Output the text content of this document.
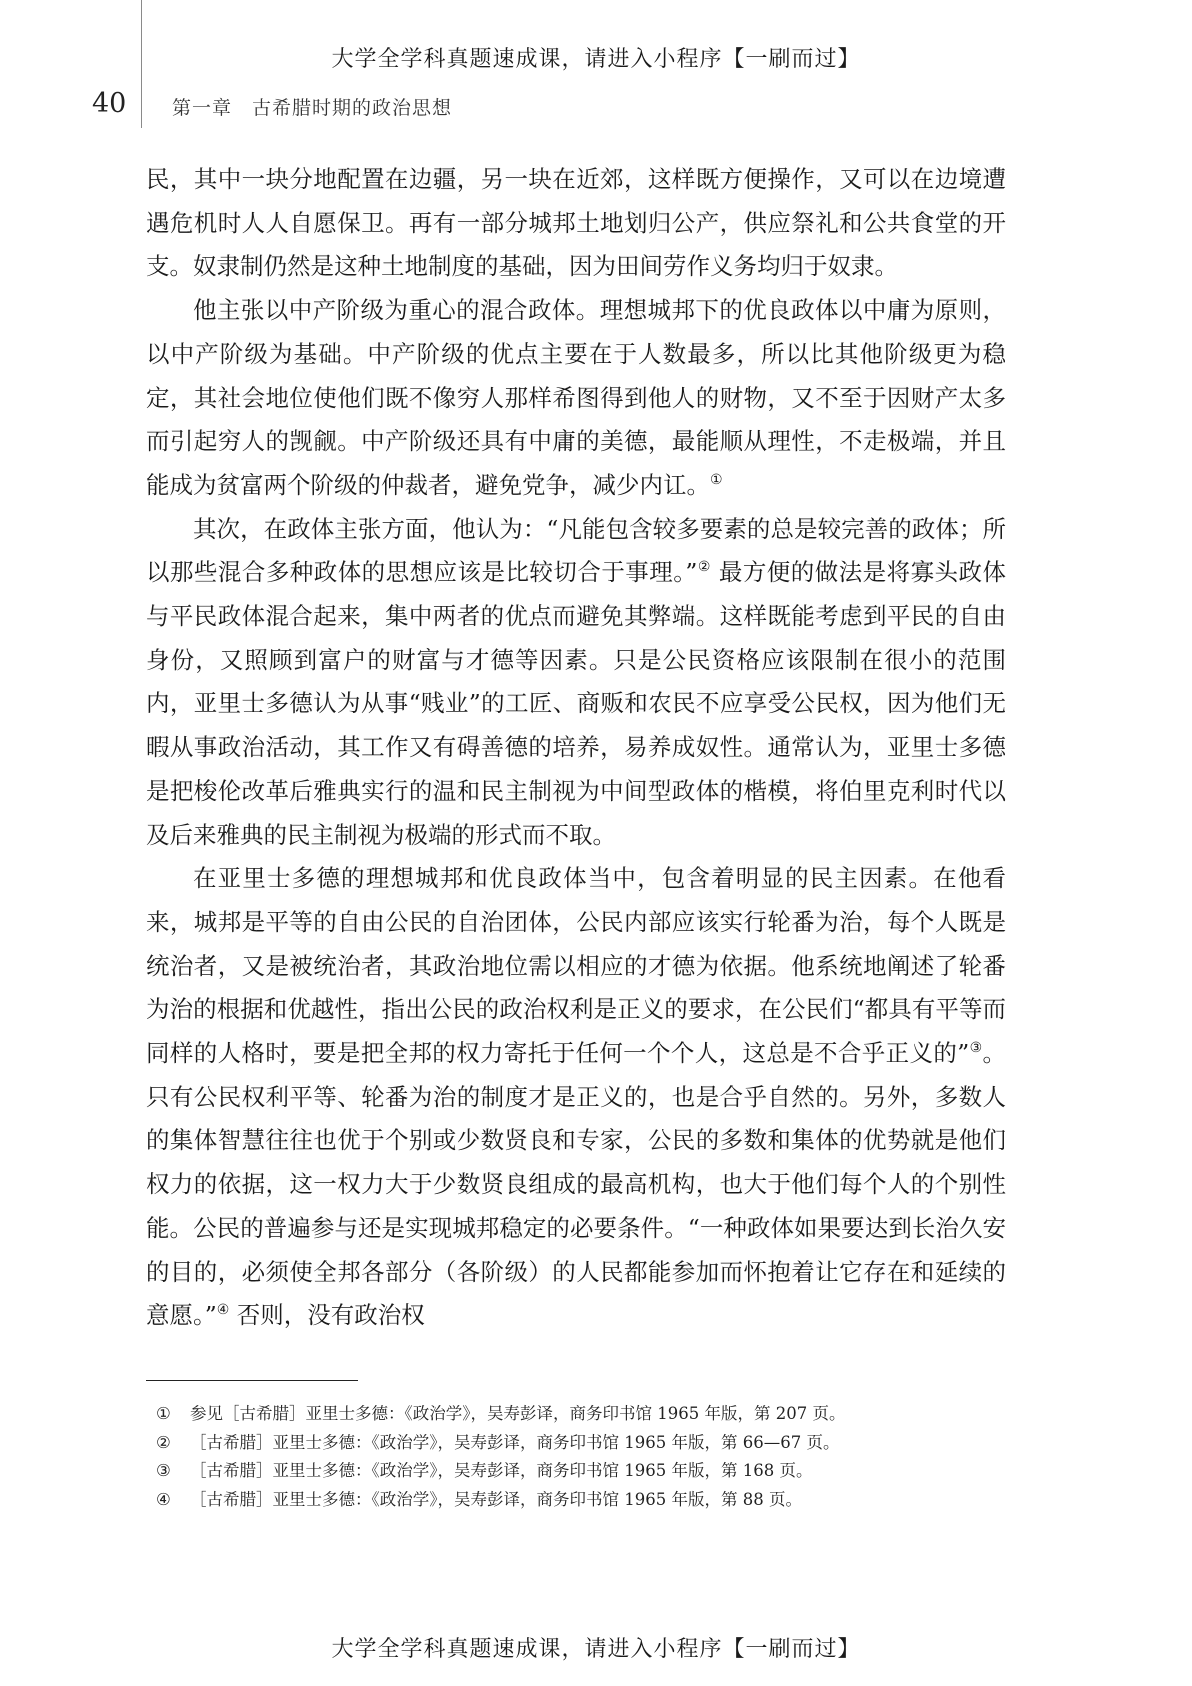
大学全学科真题速成课，请进入小程序【一刷而过】
40 第一章　古希腊时期的政治思想

民，其中一块分地配置在边疆，另一块在近郊，这样既方便操作，又可以在边境遭遇危机时人人自愿保卫。再有一部分城邦土地划归公产，供应祭礼和公共食堂的开支。奴隶制仍然是这种土地制度的基础，因为田间劳作义务均归于奴隶。

他主张以中产阶级为重心的混合政体。理想城邦下的优良政体以中庸为原则，以中产阶级为基础。中产阶级的优点主要在于人数最多，所以比其他阶级更为稳定，其社会地位使他们既不像穷人那样希图得到他人的财物，又不至于因财产太多而引起穷人的觊觎。中产阶级还具有中庸的美德，最能顺从理性，不走极端，并且能成为贫富两个阶级的仲裁者，避免党争，减少内讧。①

其次，在政体主张方面，他认为：“凡能包含较多要素的总是较完善的政体；所以那些混合多种政体的思想应该是比较切合于事理。”② 最方便的做法是将寡头政体与平民政体混合起来，集中两者的优点而避免其弊端。这样既能考虑到平民的自由身份，又照顾到富户的财富与才德等因素。只是公民资格应该限制在很小的范围内，亚里士多德认为从事“贱业”的工匠、商贩和农民不应享受公民权，因为他们无暇从事政治活动，其工作又有碍善德的培养，易养成奴性。通常认为，亚里士多德是把梭伦改革后雅典实行的温和民主制视为中间型政体的楷模，将伯里克利时代以及后来雅典的民主制视为极端的形式而不取。

在亚里士多德的理想城邦和优良政体当中，包含着明显的民主因素。在他看来，城邦是平等的自由公民的自治团体，公民内部应该实行轮番为治，每个人既是统治者，又是被统治者，其政治地位需以相应的才德为依据。他系统地阐述了轮番为治的根据和优越性，指出公民的政治权利是正义的要求，在公民们“都具有平等而同样的人格时，要是把全邦的权力寄托于任何一个个人，这总是不合乎正义的”③。只有公民权利平等、轮番为治的制度才是正义的，也是合乎自然的。另外，多数人的集体智慧往往也优于个别或少数贤良和专家，公民的多数和集体的优势就是他们权力的依据，这一权力大于少数贤良组成的最高机构，也大于他们每个人的个别性能。公民的普遍参与还是实现城邦稳定的必要条件。“一种政体如果要达到长治久安的目的，必须使全邦各部分（各阶级）的人民都能参加而怀抱着让它存在和延续的意愿。”④ 否则，没有政治权

① 参见［古希腊］亚里士多德：《政治学》，吴寿彭译，商务印书馆 1965 年版，第 207 页。

② ［古希腊］亚里士多德：《政治学》，吴寿彭译，商务印书馆 1965 年版，第 66—67 页。

③ ［古希腊］亚里士多德：《政治学》，吴寿彭译，商务印书馆 1965 年版，第 168 页。

④ ［古希腊］亚里士多德：《政治学》，吴寿彭译，商务印书馆 1965 年版，第 88 页。

大学全学科真题速成课，请进入小程序【一刷而过】
